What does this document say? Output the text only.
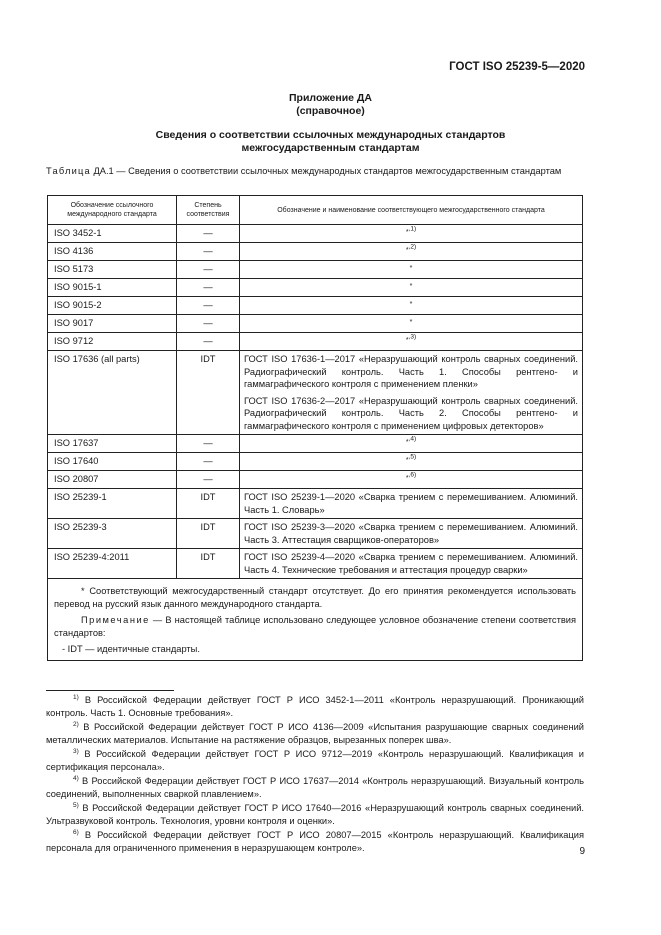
ГОСТ ISO 25239-5—2020
Приложение ДА
(справочное)
Сведения о соответствии ссылочных международных стандартов
межгосударственным стандартам
Таблица ДА.1 — Сведения о соответствии ссылочных международных стандартов межгосударственным стандартам
Обозначение ссылочного международного стандарта	Степень соответствия	Обозначение и наименование соответствующего межгосударственного стандарта
ISO 3452-1	—	*$^{,1)}$
ISO 4136	—	*$^{,2)}$
ISO 5173	—	*
ISO 9015-1	—	*
ISO 9015-2	—	*
ISO 9017	—	*
ISO 9712	—	*$^{,3)}$
ISO 17636 (all parts)	IDT	ГОСТ ISO 17636-1—2017 «Неразрушающий контроль сварных соединений. Радиографический контроль. Часть 1. Способы рентгено- и гаммаграфического контроля с применением пленки»
ГОСТ ISO 17636-2—2017 «Неразрушающий контроль сварных соединений. Радиографический контроль. Часть 2. Способы рентгено- и гаммаграфического контроля с применением цифровых детекторов»

ISO 17637	—	*$^{,4)}$
ISO 17640	—	*$^{,5)}$
ISO 20807	—	*$^{,6)}$
ISO 25239-1	IDT	ГОСТ ISO 25239-1—2020 «Сварка трением с перемешиванием. Алюминий. Часть 1. Словарь»

ISO 25239-3	IDT	ГОСТ ISO 25239-3—2020 «Сварка трением с перемешиванием. Алюминий. Часть 3. Аттестация сварщиков-операторов»

ISO 25239-4:2011	IDT	ГОСТ ISO 25239-4—2020 «Сварка трением с перемешиванием. Алюминий. Часть 4. Технические требования и аттестация процедур сварки»

* Соответствующий межгосударственный стандарт отсутствует. До его принятия рекомендуется использовать перевод на русский язык данного международного стандарта.

Примечание — В настоящей таблице использовано следующее условное обозначение степени соответствия стандартов:

- IDT — идентичные стандарты.		

$^{1)}$ В Российской Федерации действует ГОСТ Р ИСО 3452-1—2011 «Контроль неразрушающий. Проникающий контроль. Часть 1. Основные требования».

$^{2)}$ В Российской Федерации действует ГОСТ Р ИСО 4136—2009 «Испытания разрушающие сварных соединений металлических материалов. Испытание на растяжение образцов, вырезанных поперек шва».

$^{3)}$ В Российской Федерации действует ГОСТ Р ИСО 9712—2019 «Контроль неразрушающий. Квалификация и сертификация персонала».

$^{4)}$ В Российской Федерации действует ГОСТ Р ИСО 17637—2014 «Контроль неразрушающий. Визуальный контроль соединений, выполненных сваркой плавлением».

$^{5)}$ В Российской Федерации действует ГОСТ Р ИСО 17640—2016 «Неразрушающий контроль сварных соединений. Ультразвуковой контроль. Технология, уровни контроля и оценки».

$^{6)}$ В Российской Федерации действует ГОСТ Р ИСО 20807—2015 «Контроль неразрушающий. Квалификация персонала для ограниченного применения в неразрушающем контроле».	9
